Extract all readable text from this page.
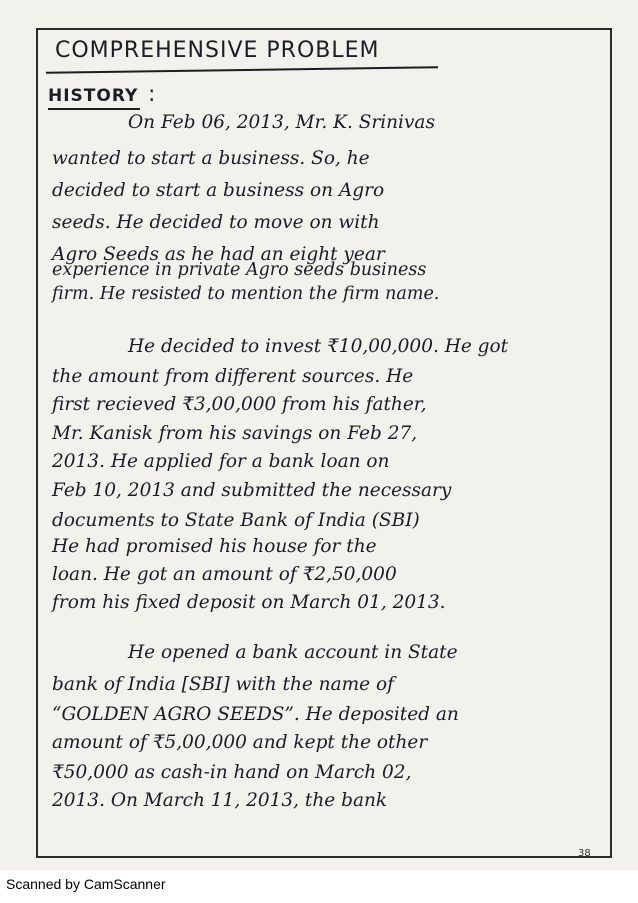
COMPREHENSIVE PROBLEM
HISTORY :

On Feb 06, 2013, Mr. K. Srinivas

wanted to start a business. So, he

decided to start a business on Agro

seeds. He decided to move on with

Agro Seeds as he had an eight year

experience in private Agro seeds business

firm. He resisted to mention the firm name.

He decided to invest ₹10,00,000. He got

the amount from different sources. He

first recieved ₹3,00,000 from his father,

Mr. Kanisk from his savings on Feb 27,

2013. He applied for a bank loan on

Feb 10, 2013 and submitted the necessary

documents to State Bank of India (SBI)

He had promised his house for the

loan. He got an amount of ₹2,50,000

from his fixed deposit on March 01, 2013.

He opened a bank account in State

bank of India [SBI] with the name of

“GOLDEN AGRO SEEDS”. He deposited an

amount of ₹5,00,000 and kept the other

₹50,000 as cash-in hand on March 02,

2013. On March 11, 2013, the bank

38

Scanned by CamScanner
